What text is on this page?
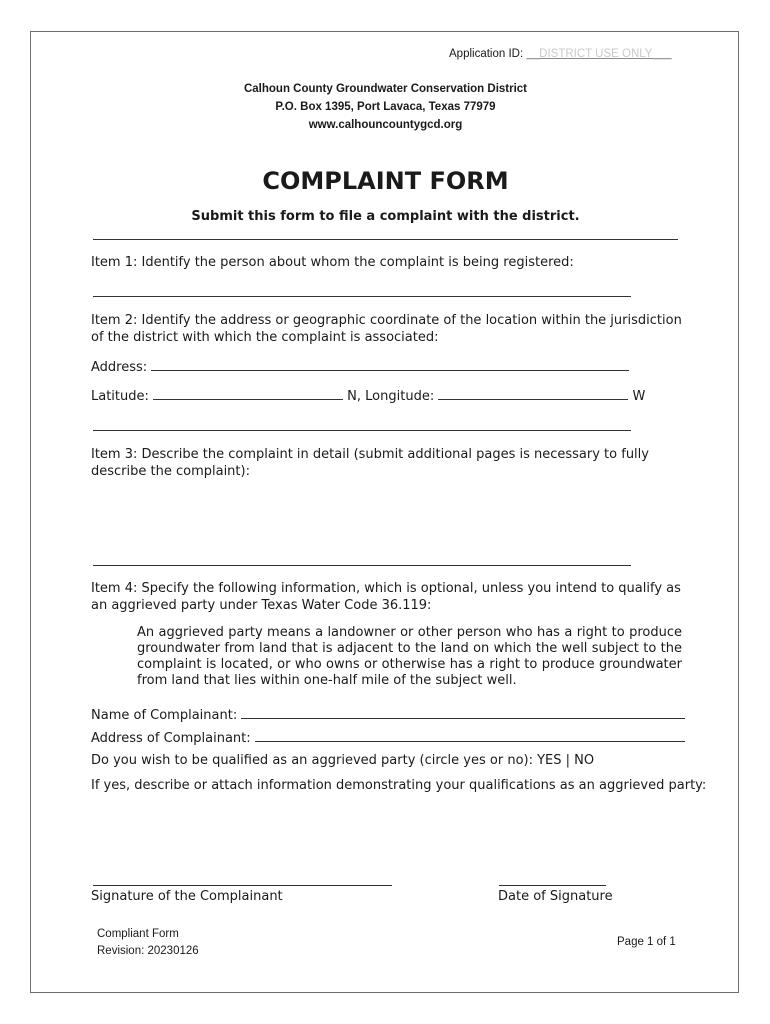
Application ID: __DISTRICT USE ONLY___
Calhoun County Groundwater Conservation District
P.O. Box 1395, Port Lavaca, Texas 77979
www.calhouncountygcd.org
COMPLAINT FORM
Submit this form to file a complaint with the district.
Item 1: Identify the person about whom the complaint is being registered:
Item 2: Identify the address or geographic coordinate of the location within the jurisdiction of the district with which the complaint is associated:
Address:
Latitude:	N, Longitude:	W
Item 3: Describe the complaint in detail (submit additional pages is necessary to fully describe the complaint):
Item 4: Specify the following information, which is optional, unless you intend to qualify as an aggrieved party under Texas Water Code 36.119:
An aggrieved party means a landowner or other person who has a right to produce groundwater from land that is adjacent to the land on which the well subject to the complaint is located, or who owns or otherwise has a right to produce groundwater from land that lies within one-half mile of the subject well.
Name of Complainant:
Address of Complainant:
Do you wish to be qualified as an aggrieved party (circle yes or no): YES | NO
If yes, describe or attach information demonstrating your qualifications as an aggrieved party:
Signature of the Complainant	Date of Signature
Compliant Form
Revision: 20230126
Page 1 of 1
